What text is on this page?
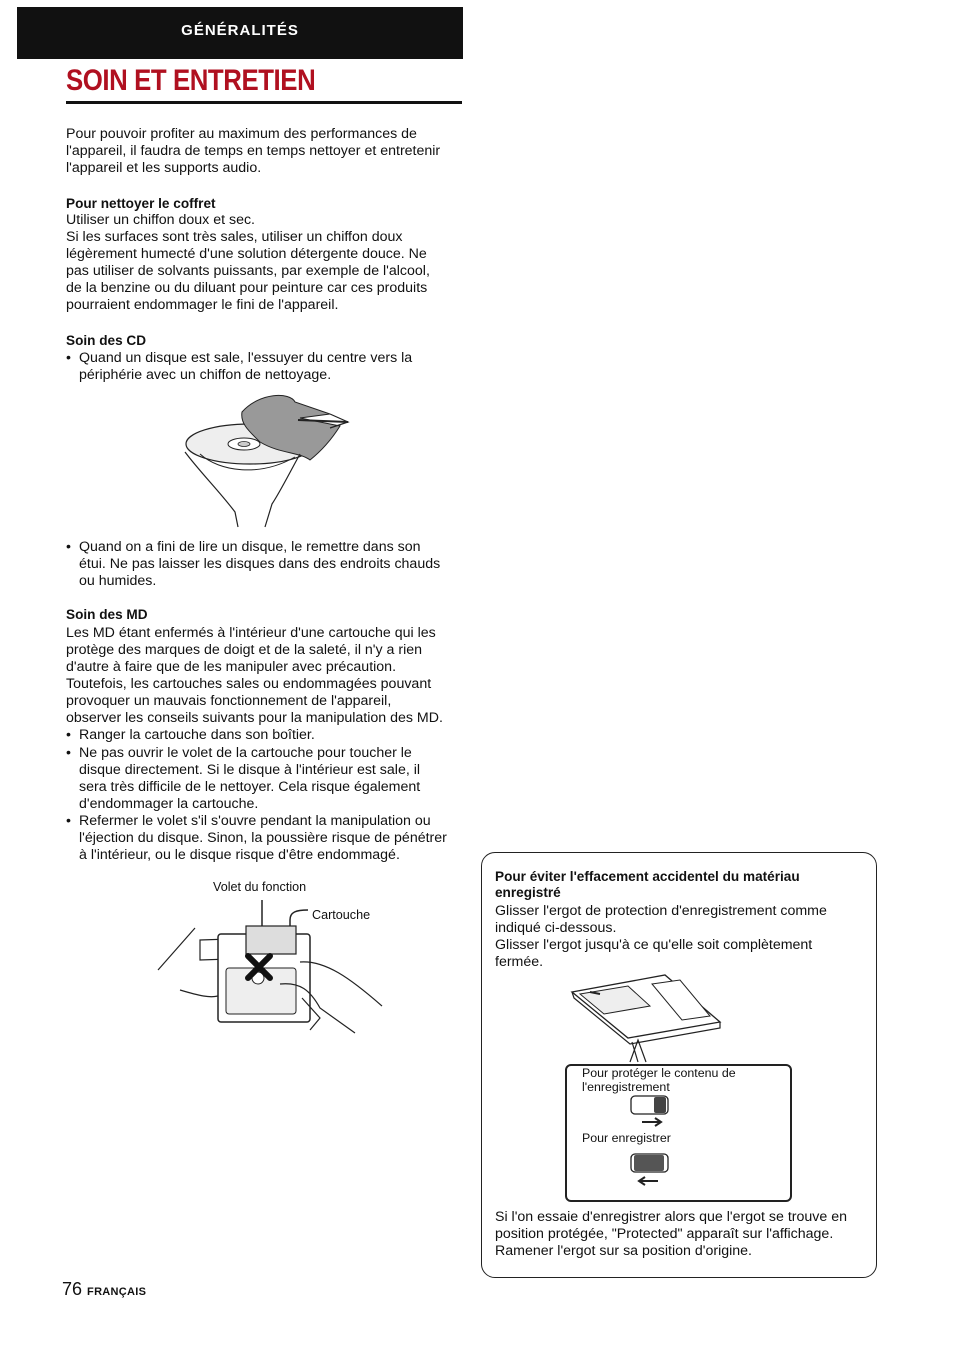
GÉNÉRALITÉS
SOIN ET ENTRETIEN
Pour pouvoir profiter au maximum des performances de
l'appareil, il faudra de temps en temps nettoyer et entretenir
l'appareil et les supports audio.
Pour nettoyer le coffret
Utiliser un chiffon doux et sec.
Si les surfaces sont très sales, utiliser un chiffon doux
légèrement humecté d'une solution détergente douce. Ne
pas utiliser de solvants puissants, par exemple de l'alcool,
de la benzine ou du diluant pour peinture car ces produits
pourraient endommager le fini de l'appareil.
Soin des CD
• Quand un disque est sale, l'essuyer du centre vers la
périphérie avec un chiffon de nettoyage.
• Quand on a fini de lire un disque, le remettre dans son
étui. Ne pas laisser les disques dans des endroits chauds
ou humides.
Soin des MD
Les MD étant enfermés à l'intérieur d'une cartouche qui les
protège des marques de doigt et de la saleté, il n'y a rien
d'autre à faire que de les manipuler avec précaution.
Toutefois, les cartouches sales ou endommagées pouvant
provoquer un mauvais fonctionnement de l'appareil,
observer les conseils suivants pour la manipulation des MD.
• Ranger la cartouche dans son boîtier.
• Ne pas ouvrir le volet de la cartouche pour toucher le
disque directement. Si le disque à l'intérieur est sale, il
sera très difficile de le nettoyer. Cela risque également
d'endommager la cartouche.
• Refermer le volet s'il s'ouvre pendant la manipulation ou
l'éjection du disque. Sinon, la poussière risque de pénétrer
à l'intérieur, ou le disque risque d'être endommagé.
Volet du fonction
Cartouche
Pour éviter l'effacement accidentel du matériau
enregistré
Glisser l'ergot de protection d'enregistrement comme
indiqué ci-dessous.
Glisser l'ergot jusqu'à ce qu'elle soit complètement
fermée.
Pour protéger le contenu de
l'enregistrement
Pour enregistrer
Si l'on essaie d'enregistrer alors que l'ergot se trouve en
position protégée, "Protected" apparaît sur l'affichage.
Ramener l'ergot sur sa position d'origine.
76 FRANÇAIS
